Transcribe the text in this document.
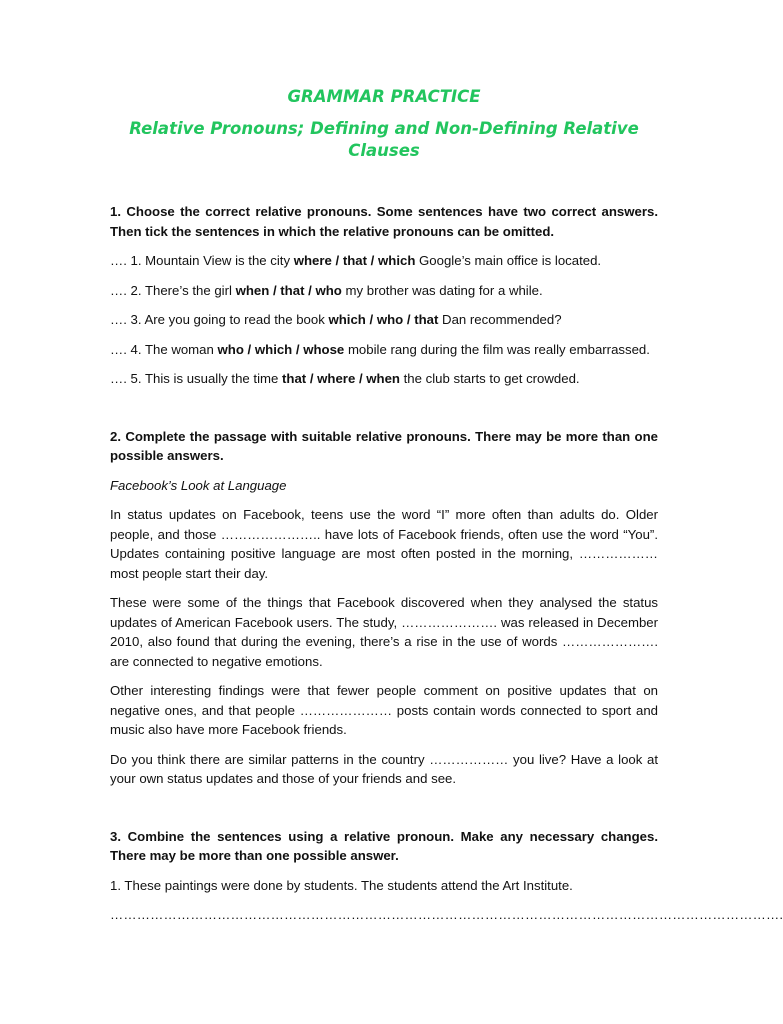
GRAMMAR PRACTICE
Relative Pronouns; Defining and Non-Defining Relative Clauses

1. Choose the correct relative pronouns. Some sentences have two correct answers. Then tick the sentences in which the relative pronouns can be omitted.

…. 1. Mountain View is the city where / that / which Google’s main office is located.

…. 2. There’s the girl when / that / who my brother was dating for a while.

…. 3. Are you going to read the book which / who / that Dan recommended?

…. 4. The woman who / which / whose mobile rang during the film was really embarrassed.

…. 5. This is usually the time that / where / when the club starts to get crowded.

2. Complete the passage with suitable relative pronouns. There may be more than one possible answers.

Facebook’s Look at Language

In status updates on Facebook, teens use the word “I” more often than adults do. Older people, and those ………………….. have lots of Facebook friends, often use the word “You”. Updates containing positive language are most often posted in the morning, ……………… most people start their day.

These were some of the things that Facebook discovered when they analysed the status updates of American Facebook users. The study, …………………. was released in December 2010, also found that during the evening, there’s a rise in the use of words …………………. are connected to negative emotions.

Other interesting findings were that fewer people comment on positive updates that on negative ones, and that people ………………… posts contain words connected to sport and music also have more Facebook friends.

Do you think there are similar patterns in the country ……………… you live? Have a look at your own status updates and those of your friends and see.

3. Combine the sentences using a relative pronoun. Make any necessary changes. There may be more than one possible answer.

1. These paintings were done by students. The students attend the Art Institute.

…………………………………………………………………………………………………………………………………….
